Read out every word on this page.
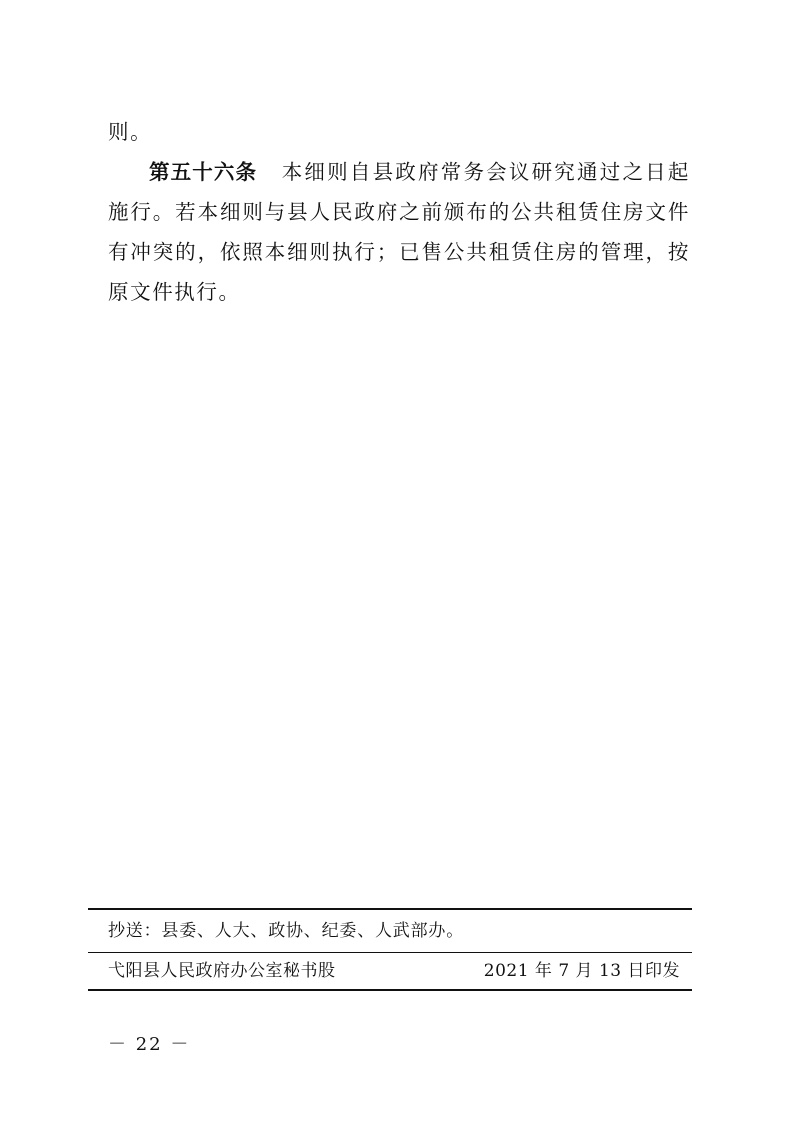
则。

第五十六条 本细则自县政府常务会议研究通过之日起施行。若本细则与县人民政府之前颁布的公共租赁住房文件有冲突的，依照本细则执行；已售公共租赁住房的管理，按原文件执行。

抄送：县委、人大、政协、纪委、人武部办。
弋阳县人民政府办公室秘书股	2021 年 7 月 13 日印发
－ 22 －
